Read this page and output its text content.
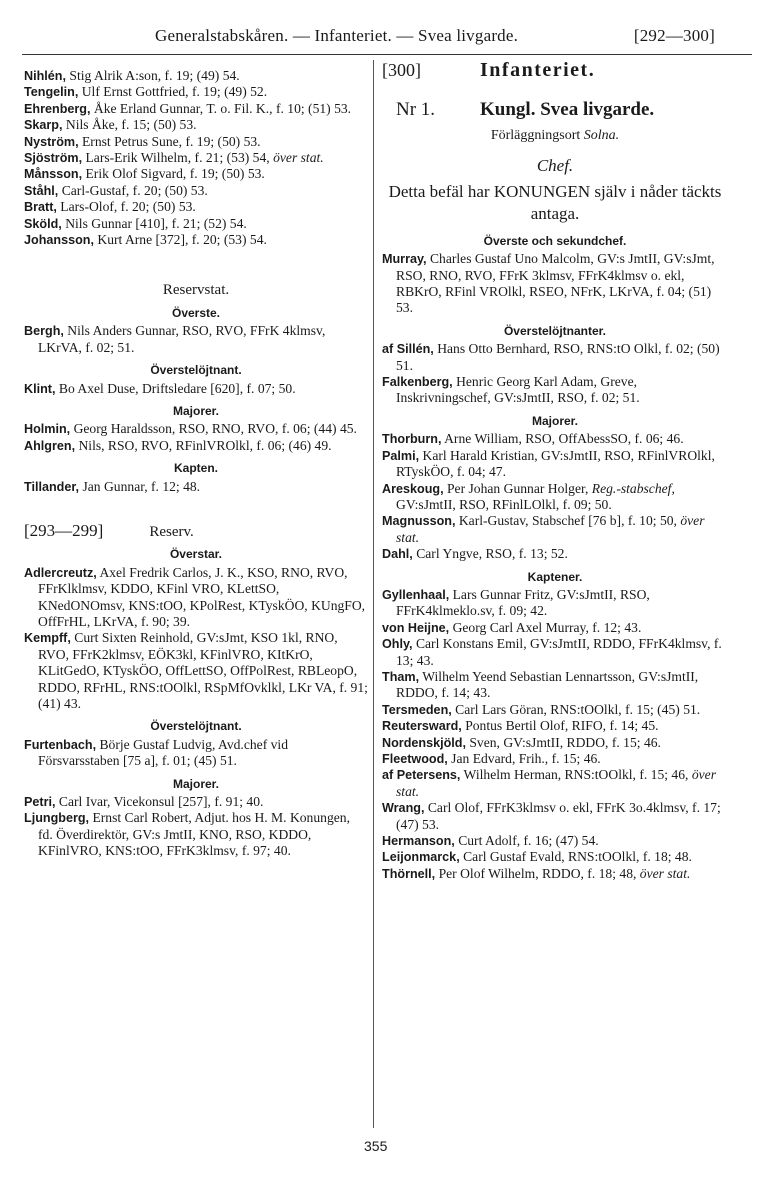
Generalstabskåren. — Infanteriet. — Svea livgarde.	[292—300]

Nihlén, Stig Alrik A:son, f. 19; (49) 54.

Tengelin, Ulf Ernst Gottfried, f. 19; (49) 52.

Ehrenberg, Åke Erland Gunnar, T. o. Fil. K., f. 10; (51) 53.

Skarp, Nils Åke, f. 15; (50) 53.

Nyström, Ernst Petrus Sune, f. 19; (50) 53.

Sjöström, Lars-Erik Wilhelm, f. 21; (53) 54, över stat.

Månsson, Erik Olof Sigvard, f. 19; (50) 53.

Ståhl, Carl-Gustaf, f. 20; (50) 53.

Bratt, Lars-Olof, f. 20; (50) 53.

Sköld, Nils Gunnar [410], f. 21; (52) 54.

Johansson, Kurt Arne [372], f. 20; (53) 54.

Reservstat.
Överste.

Bergh, Nils Anders Gunnar, RSO, RVO, FFrK 4klmsv, LKrVA, f. 02; 51.

Överstelöjtnant.

Klint, Bo Axel Duse, Driftsledare [620], f. 07; 50.

Majorer.

Holmin, Georg Haraldsson, RSO, RNO, RVO, f. 06; (44) 45.

Ahlgren, Nils, RSO, RVO, RFinlVROlkl, f. 06; (46) 49.

Kapten.

Tillander, Jan Gunnar, f. 12; 48.

[293—299]	Reserv.
Överstar.

Adlercreutz, Axel Fredrik Carlos, J. K., KSO, RNO, RVO, FFrKlklmsv, KDDO, KFinl VRO, KLettSO, KNedONOmsv, KNS:tOO, KPolRest, KTyskÖO, KUngFO, OffFrHL, LKrVA, f. 90; 39.

Kempff, Curt Sixten Reinhold, GV:sJmt, KSO 1kl, RNO, RVO, FFrK2klmsv, EÖK3kl, KFinlVRO, KItKrO, KLitGedO, KTyskÖO, OffLettSO, OffPolRest, RBLeopO, RDDO, RFrHL, RNS:tOOlkl, RSpMfOvklkl, LKr VA, f. 91; (41) 43.

Överstelöjtnant.

Furtenbach, Börje Gustaf Ludvig, Avd.chef vid Försvarsstaben [75 a], f. 01; (45) 51.

Majorer.

Petri, Carl Ivar, Vicekonsul [257], f. 91; 40.

Ljungberg, Ernst Carl Robert, Adjut. hos H. M. Konungen, fd. Överdirektör, GV:s JmtII, KNO, RSO, KDDO, KFinlVRO, KNS:tOO, FFrK3klmsv, f. 97; 40.

[300]	Infanteriet.
Nr 1. Kungl. Svea livgarde.
Förläggningsort Solna.
Chef.
Detta befäl har KONUNGEN själv i nåder täckts antaga.
Överste och sekundchef.

Murray, Charles Gustaf Uno Malcolm, GV:s JmtII, GV:sJmt, RSO, RNO, RVO, FFrK 3klmsv, FFrK4klmsv o. ekl, RBKrO, RFinl VROlkl, RSEO, NFrK, LKrVA, f. 04; (51) 53.

Överstelöjtnanter.

af Sillén, Hans Otto Bernhard, RSO, RNS:tO Olkl, f. 02; (50) 51.

Falkenberg, Henric Georg Karl Adam, Greve, Inskrivningschef, GV:sJmtII, RSO, f. 02; 51.

Majorer.

Thorburn, Arne William, RSO, OffAbessSO, f. 06; 46.

Palmi, Karl Harald Kristian, GV:sJmtII, RSO, RFinlVROlkl, RTyskÖO, f. 04; 47.

Areskoug, Per Johan Gunnar Holger, Reg.-stabschef, GV:sJmtII, RSO, RFinlLOlkl, f. 09; 50.

Magnusson, Karl-Gustav, Stabschef [76 b], f. 10; 50, över stat.

Dahl, Carl Yngve, RSO, f. 13; 52.

Kaptener.

Gyllenhaal, Lars Gunnar Fritz, GV:sJmtII, RSO, FFrK4klmeklo.sv, f. 09; 42.

von Heijne, Georg Carl Axel Murray, f. 12; 43.

Ohly, Carl Konstans Emil, GV:sJmtII, RDDO, FFrK4klmsv, f. 13; 43.

Tham, Wilhelm Yeend Sebastian Lennartsson, GV:sJmtII, RDDO, f. 14; 43.

Tersmeden, Carl Lars Göran, RNS:tOOlkl, f. 15; (45) 51.

Reutersward, Pontus Bertil Olof, RIFO, f. 14; 45.

Nordenskjöld, Sven, GV:sJmtII, RDDO, f. 15; 46.

Fleetwood, Jan Edvard, Frih., f. 15; 46.

af Petersens, Wilhelm Herman, RNS:tOOlkl, f. 15; 46, över stat.

Wrang, Carl Olof, FFrK3klmsv o. ekl, FFrK 3o.4klmsv, f. 17; (47) 53.

Hermanson, Curt Adolf, f. 16; (47) 54.

Leijonmarck, Carl Gustaf Evald, RNS:tOOlkl, f. 18; 48.

Thörnell, Per Olof Wilhelm, RDDO, f. 18; 48, över stat.

355
